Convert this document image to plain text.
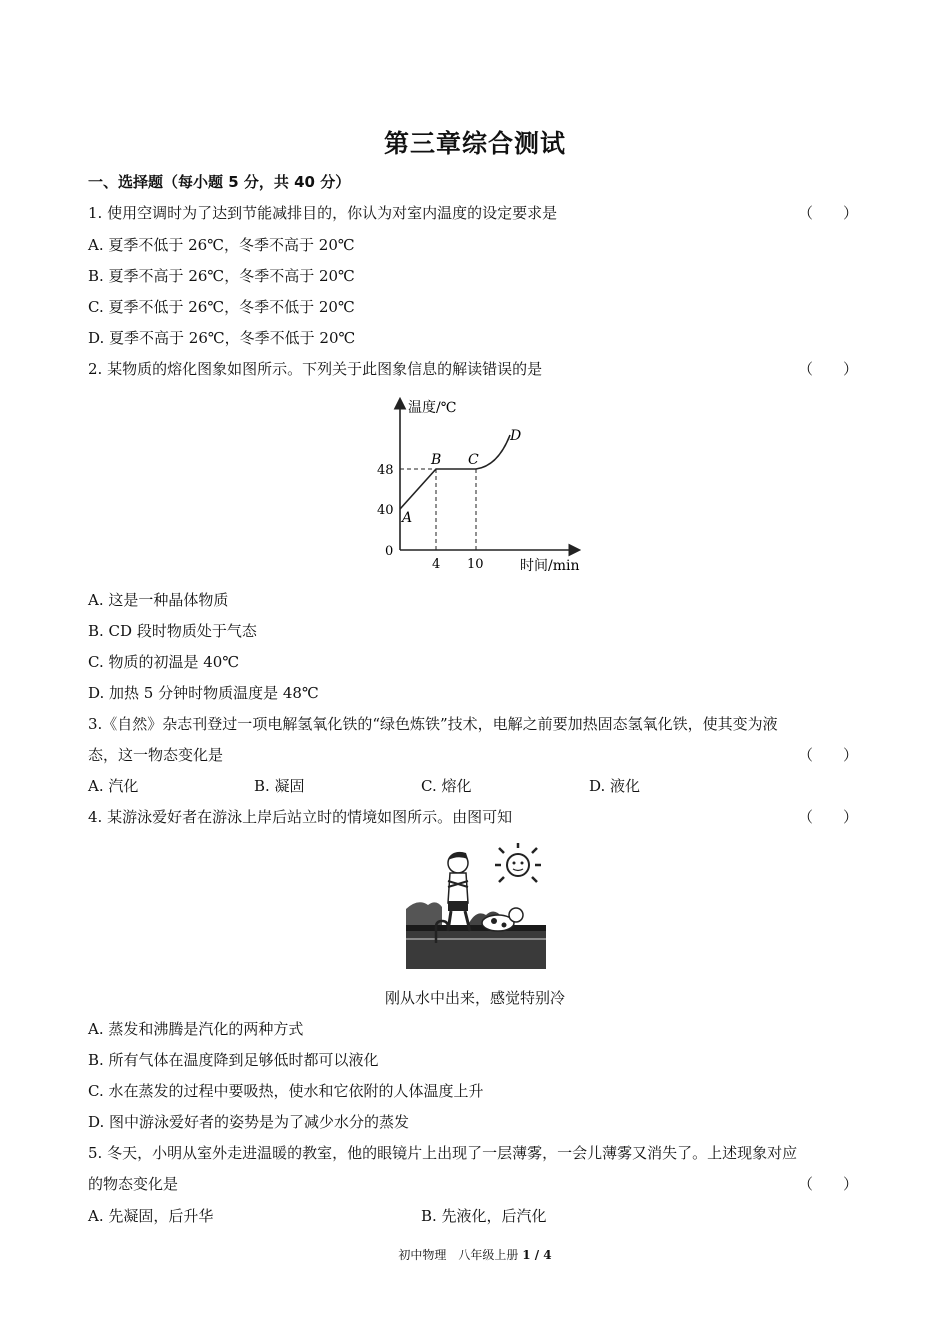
第三章综合测试
一、选择题（每小题 5 分，共 40 分）
1. 使用空调时为了达到节能减排目的，你认为对室内温度的设定要求是	（　　）
A. 夏季不低于 26℃，冬季不高于 20℃
B. 夏季不高于 26℃，冬季不高于 20℃
C. 夏季不低于 26℃，冬季不低于 20℃
D. 夏季不高于 26℃，冬季不低于 20℃
2. 某物质的熔化图象如图所示。下列关于此图象信息的解读错误的是	（　　）
温度/℃
时间/min
0
40
48
4 10
A
B C
D
A. 这是一种晶体物质
B. CD 段时物质处于气态
C. 物质的初温是 40℃
D. 加热 5 分钟时物质温度是 48℃
3.《自然》杂志刊登过一项电解氢氧化铁的“绿色炼铁”技术，电解之前要加热固态氢氧化铁，使其变为液
态，这一物态变化是	（　　）
A. 汽化	B. 凝固	C. 熔化	D. 液化
4. 某游泳爱好者在游泳上岸后站立时的情境如图所示。由图可知	（　　）
刚从水中出来，感觉特别冷
A. 蒸发和沸腾是汽化的两种方式
B. 所有气体在温度降到足够低时都可以液化
C. 水在蒸发的过程中要吸热，使水和它依附的人体温度上升
D. 图中游泳爱好者的姿势是为了减少水分的蒸发
5. 冬天，小明从室外走进温暖的教室，他的眼镜片上出现了一层薄雾，一会儿薄雾又消失了。上述现象对应
的物态变化是	（　　）
A. 先凝固，后升华	B. 先液化，后汽化
初中物理　八年级上册 1 / 4
